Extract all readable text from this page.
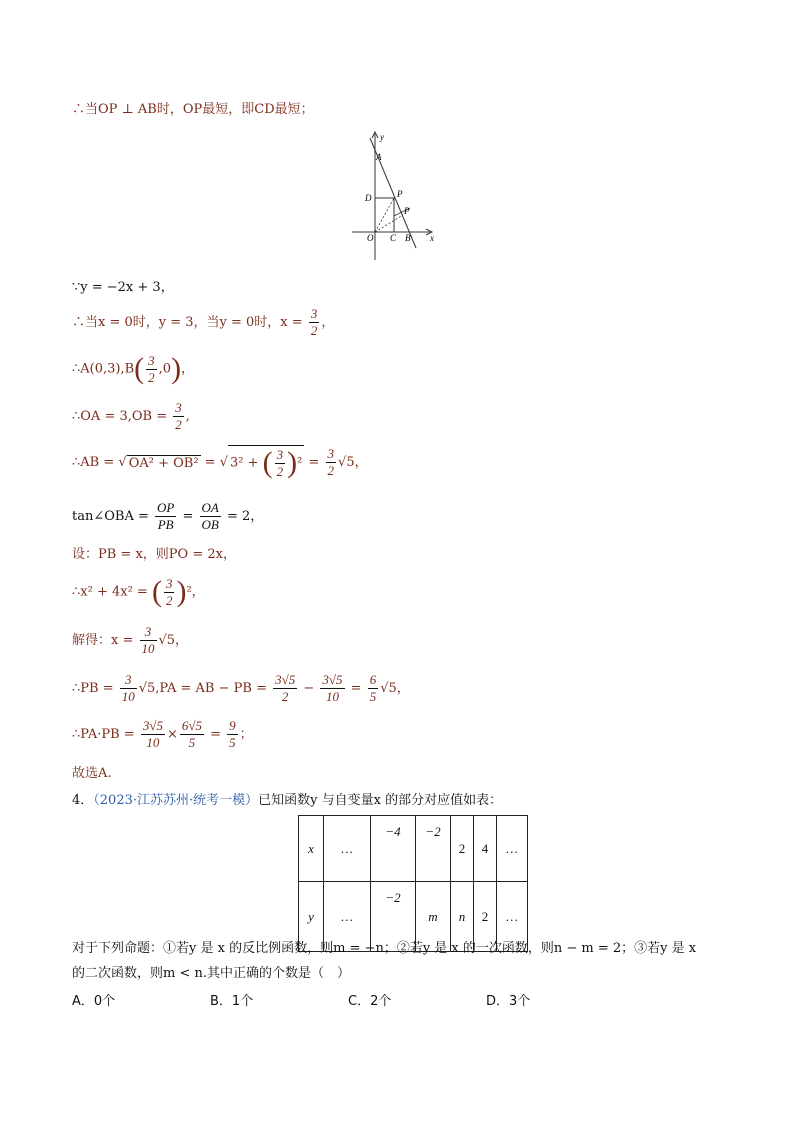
∴当OP ⊥ AB时，OP最短，即CD最短；
y
A
D	P
P
O C B x
∵y = −2x + 3，
∴当x = 0时，y = 3，当y = 0时，$x = \frac{3}{2}$ ，
∴A(0,3),B( $\frac{3}{2} ,0$)，
∴OA = $3,OB = \frac{3}{2}$ ,
∴AB = √ OA² + OB² = √ 3² + ( $\frac{3}{2} )^2 = \frac{3}{2} √5$，
tan∠OBA = $\frac{OP}{PB} = \frac{OA}{OB} = 2$，
设：PB = x，则PO = 2x，
∴x² + 4x² = ( $\frac{3}{2} )^2$，
解得：$x = \frac{3}{10} √5$，
∴PB = $\frac{3}{10} √5,PA$ = AB − PB = $\frac{3√5}{2} - \frac{3√5}{10} = \frac{6}{5} √5$，
∴PA·PB = $\frac{3√5}{10} \times \frac{6√5}{5} = \frac{9}{5}$ ；
故选A.
4．（2023·江苏苏州·统考一模）已知函数y 与自变量x 的部分对应值如表：
x	…	−4	−2	2	4	…
y	…	−2	m	n	2	…
对于下列命题：①若y 是 x 的反比例函数，则m = −n；②若y 是 x 的一次函数，则n − m = 2；③若y 是 x
的二次函数，则m < n.其中正确的个数是（　）
A．0个	B．1个	C．2个	D．3个
